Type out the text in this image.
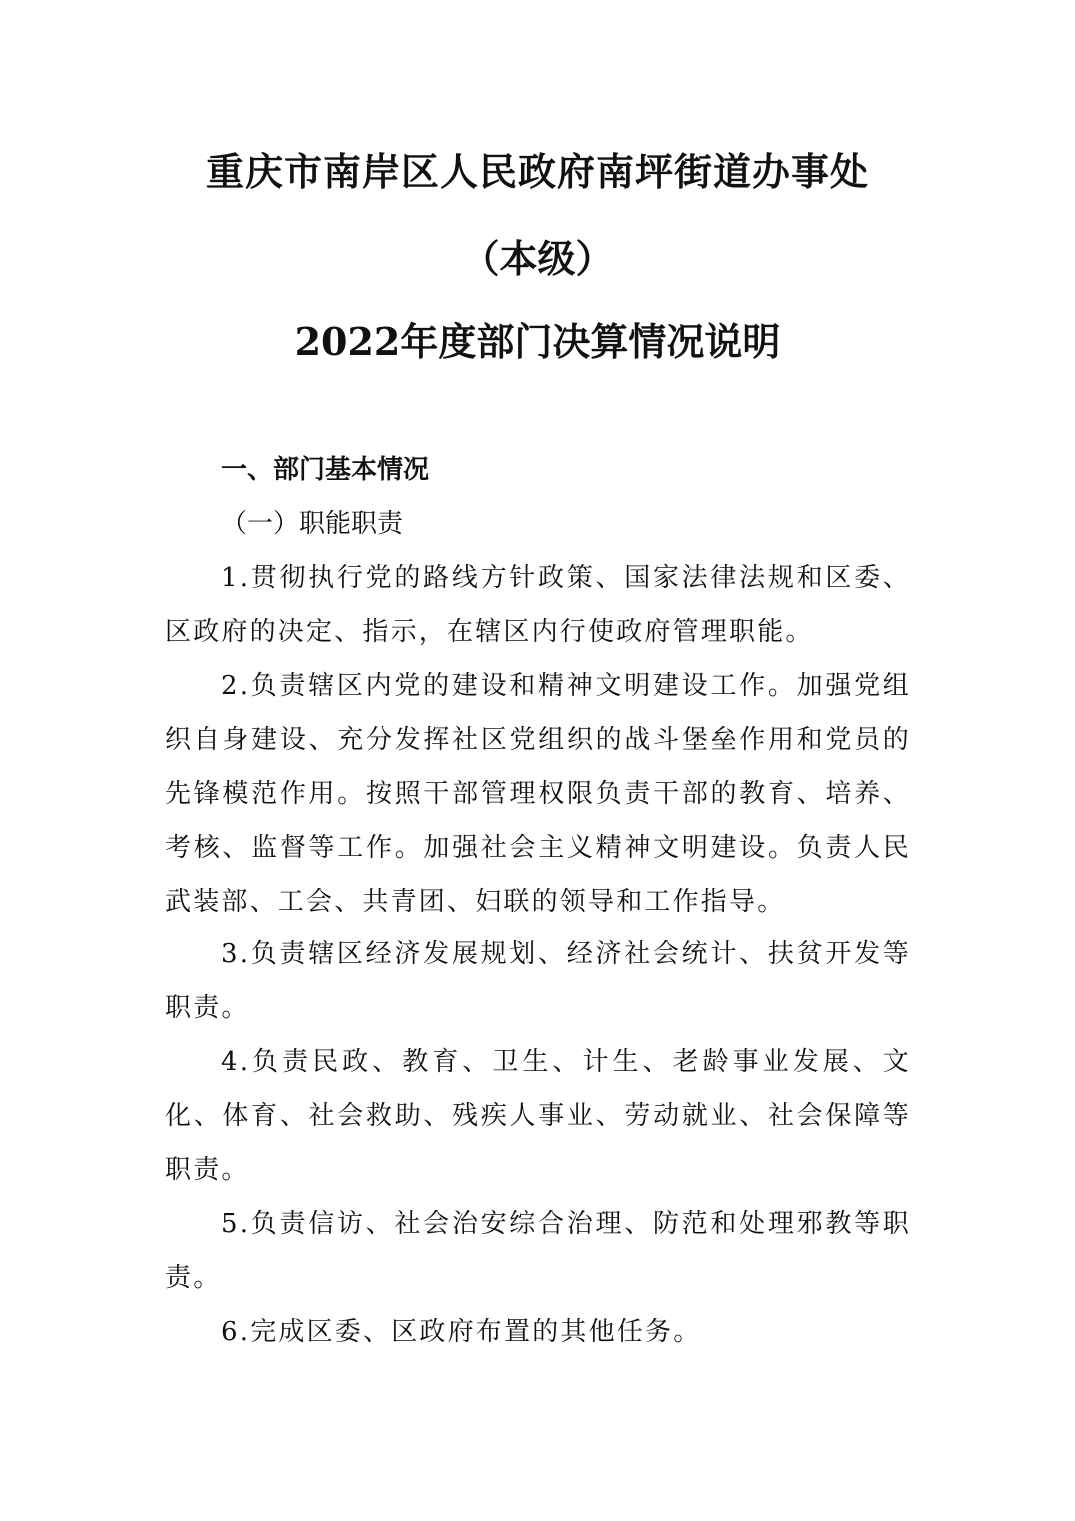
重庆市南岸区人民政府南坪街道办事处
（本级）
2022年度部门决算情况说明
一、部门基本情况
（一）职能职责

1.贯彻执行党的路线方针政策、国家法律法规和区委、区政府的决定、指示，在辖区内行使政府管理职能。

2.负责辖区内党的建设和精神文明建设工作。加强党组织自身建设、充分发挥社区党组织的战斗堡垒作用和党员的先锋模范作用。按照干部管理权限负责干部的教育、培养、考核、监督等工作。加强社会主义精神文明建设。负责人民武装部、工会、共青团、妇联的领导和工作指导。

3.负责辖区经济发展规划、经济社会统计、扶贫开发等职责。

4.负责民政、教育、卫生、计生、老龄事业发展、文化、体育、社会救助、残疾人事业、劳动就业、社会保障等职责。

5.负责信访、社会治安综合治理、防范和处理邪教等职责。

6.完成区委、区政府布置的其他任务。
